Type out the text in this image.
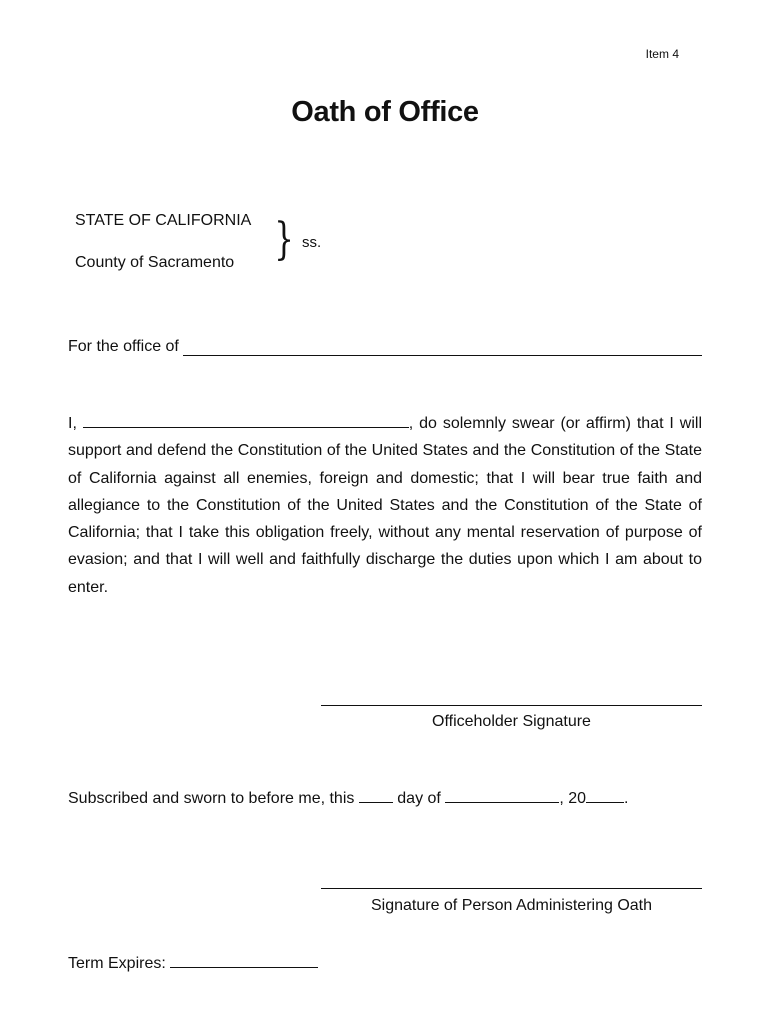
Item 4
Oath of Office
STATE OF CALIFORNIA
County of Sacramento } ss.
For the office of
I,	, do solemnly swear (or affirm) that I will support and defend the Constitution of the United States and the Constitution of the State of California against all enemies, foreign and domestic; that I will bear true faith and allegiance to the Constitution of the United States and the Constitution of the State of California; that I take this obligation freely, without any mental reservation of purpose of evasion; and that I will well and faithfully discharge the duties upon which I am about to enter.
Officeholder Signature
Subscribed and sworn to before me, this	day of	, 20 .
Signature of Person Administering Oath
Term Expires:
